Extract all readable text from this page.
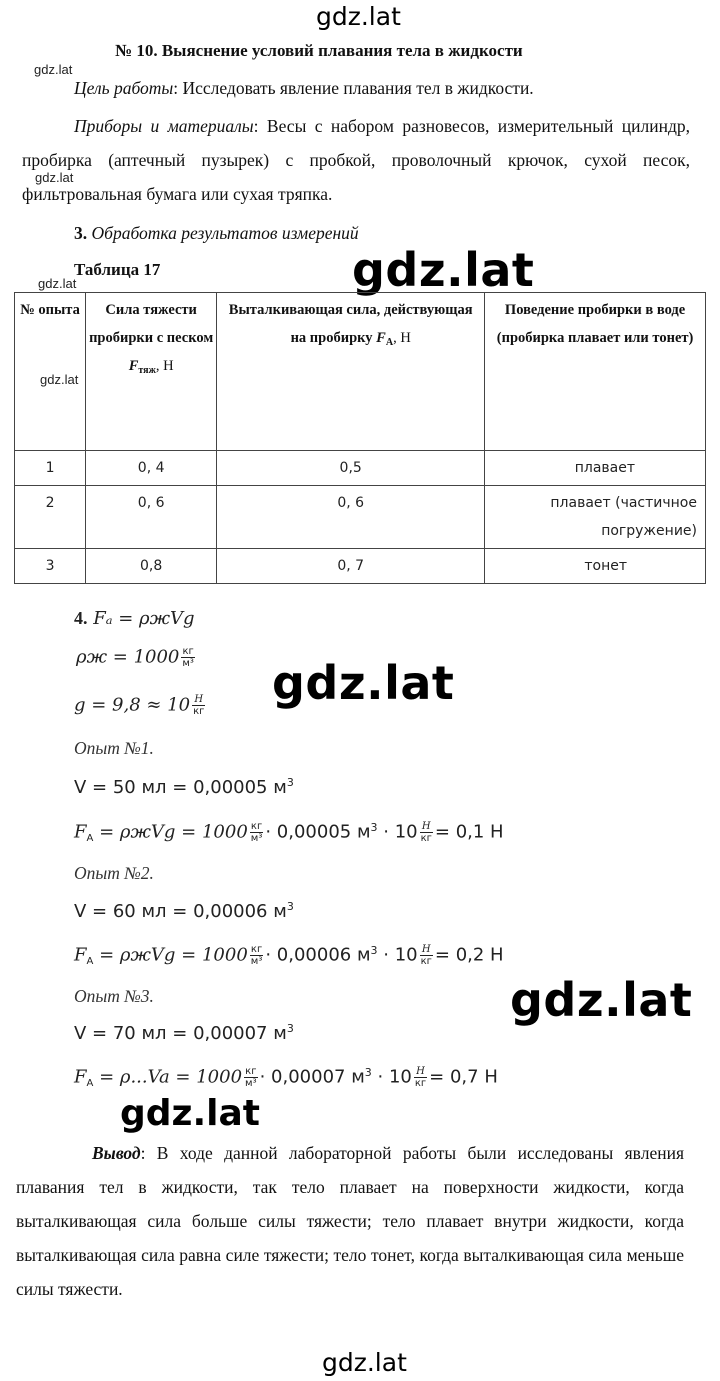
gdz.lat
gdz.lat
gdz.lat
gdz.lat
gdz.lat
№ 10. Выяснение условий плавания тела в жидкости
Цель работы: Исследовать явление плавания тел в жидкости.
Приборы и материалы: Весы с набором разновесов, измерительный цилиндр, пробирка (аптечный пузырек) с пробкой, проволочный крючок, сухой песок, фильтровальная бумага или сухая тряпка.
3. Обработка результатов измерений
Таблица 17	gdz.lat
№ опыта	Сила тяжести пробирки с песком $F_{тяж}$, Н	Выталкивающая сила, действующая на пробирку $F_А$, Н	Поведение пробирки в воде (пробирка плавает или тонет)
1	0, 4	0,5	плавает
2	0, 6	0, 6	плавает (частичное погружение)
3	0,8	0, 7	тонет
4. Fₐ = ρжVg
$\rho ж = 1000 \frac{кг}{\text{м³}}$
$g = 9,8 \approx 10 \frac{Н}{кг} gdz.lat$
Опыт №1.
V = 50 мл = 0,00005 $м^3$
FА = $\rho жVg = 1000 \frac{кг}{\text{м³}} \cdot 0,00005$ $м^3 \cdot 10 \frac{Н}{кг} = 0,1$ Н
Опыт №2.
V = 60 мл = 0,00006 $м^3$
FА = $\rho жVg = 1000 \frac{кг}{\text{м³}} \cdot 0,00006$ $м^3 \cdot 10 \frac{Н}{кг} = 0,2$ Н
gdz.lat
Опыт №3.
V = 70 мл = 0,00007 $м^3$
FА = $\rho...Va = 1000 \frac{кг}{\text{м³}} \cdot 0,00007$ $м^3 \cdot 10 \frac{Н}{кг} = 0,7$ Н
gdz.lat
Вывод: В ходе данной лабораторной работы были исследованы явления плавания тел в жидкости, так тело плавает на поверхности жидкости, когда выталкивающая сила больше силы тяжести; тело плавает внутри жидкости, когда выталкивающая сила равна силе тяжести; тело тонет, когда выталкивающая сила меньше силы тяжести.
gdz.lat
